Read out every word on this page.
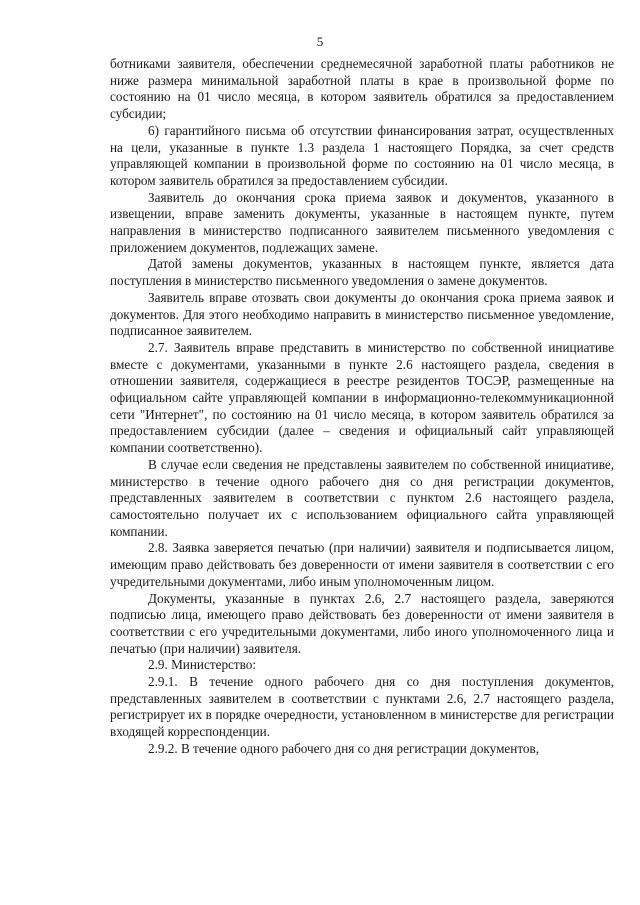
5

ботниками заявителя, обеспечении среднемесячной заработной платы работников не ниже размера минимальной заработной платы в крае в произвольной форме по состоянию на 01 число месяца, в котором заявитель обратился за предоставлением субсидии;

6) гарантийного письма об отсутствии финансирования затрат, осуществленных на цели, указанные в пункте 1.3 раздела 1 настоящего Порядка, за счет средств управляющей компании в произвольной форме по состоянию на 01 число месяца, в котором заявитель обратился за предоставлением субсидии.

Заявитель до окончания срока приема заявок и документов, указанного в извещении, вправе заменить документы, указанные в настоящем пункте, путем направления в министерство подписанного заявителем письменного уведомления с приложением документов, подлежащих замене.

Датой замены документов, указанных в настоящем пункте, является дата поступления в министерство письменного уведомления о замене документов.

Заявитель вправе отозвать свои документы до окончания срока приема заявок и документов. Для этого необходимо направить в министерство письменное уведомление, подписанное заявителем.

2.7. Заявитель вправе представить в министерство по собственной инициативе вместе с документами, указанными в пункте 2.6 настоящего раздела, сведения в отношении заявителя, содержащиеся в реестре резидентов ТОСЭР, размещенные на официальном сайте управляющей компании в информационно-телекоммуникационной сети "Интернет", по состоянию на 01 число месяца, в котором заявитель обратился за предоставлением субсидии (далее – сведения и официальный сайт управляющей компании соответственно).

В случае если сведения не представлены заявителем по собственной инициативе, министерство в течение одного рабочего дня со дня регистрации документов, представленных заявителем в соответствии с пунктом 2.6 настоящего раздела, самостоятельно получает их с использованием официального сайта управляющей компании.

2.8. Заявка заверяется печатью (при наличии) заявителя и подписывается лицом, имеющим право действовать без доверенности от имени заявителя в соответствии с его учредительными документами, либо иным уполномоченным лицом.

Документы, указанные в пунктах 2.6, 2.7 настоящего раздела, заверяются подписью лица, имеющего право действовать без доверенности от имени заявителя в соответствии с его учредительными документами, либо иного уполномоченного лица и печатью (при наличии) заявителя.

2.9. Министерство:

2.9.1. В течение одного рабочего дня со дня поступления документов, представленных заявителем в соответствии с пунктами 2.6, 2.7 настоящего раздела, регистрирует их в порядке очередности, установленном в министерстве для регистрации входящей корреспонденции.

2.9.2. В течение одного рабочего дня со дня регистрации документов,
